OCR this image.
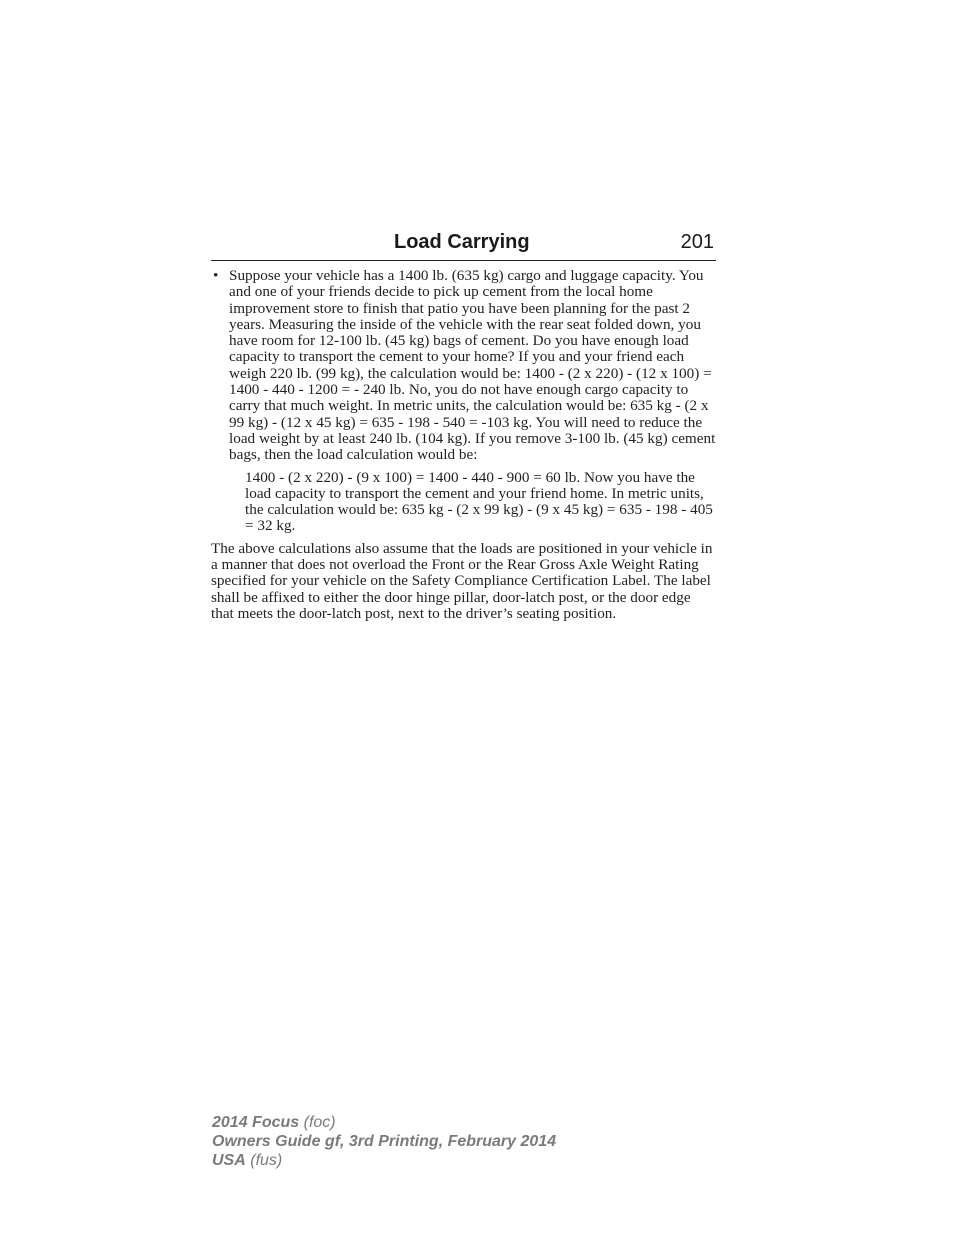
Load Carrying	201
• Suppose your vehicle has a 1400 lb. (635 kg) cargo and luggage capacity. You and one of your friends decide to pick up cement from the local home improvement store to finish that patio you have been planning for the past 2 years. Measuring the inside of the vehicle with the rear seat folded down, you have room for 12-100 lb. (45 kg) bags of cement. Do you have enough load capacity to transport the cement to your home? If you and your friend each weigh 220 lb. (99 kg), the calculation would be: 1400 - (2 x 220) - (12 x 100) = 1400 - 440 - 1200 = - 240 lb. No, you do not have enough cargo capacity to carry that much weight. In metric units, the calculation would be: 635 kg - (2 x 99 kg) - (12 x 45 kg) = 635 - 198 - 540 = -103 kg. You will need to reduce the load weight by at least 240 lb. (104 kg). If you remove 3-100 lb. (45 kg) cement bags, then the load calculation would be:

1400 - (2 x 220) - (9 x 100) = 1400 - 440 - 900 = 60 lb. Now you have the load capacity to transport the cement and your friend home. In metric units, the calculation would be: 635 kg - (2 x 99 kg) - (9 x 45 kg) = 635 - 198 - 405 = 32 kg.

The above calculations also assume that the loads are positioned in your vehicle in a manner that does not overload the Front or the Rear Gross Axle Weight Rating specified for your vehicle on the Safety Compliance Certification Label. The label shall be affixed to either the door hinge pillar, door-latch post, or the door edge that meets the door-latch post, next to the driver’s seating position.

2014 Focus (foc)
Owners Guide gf, 3rd Printing, February 2014
USA (fus)
